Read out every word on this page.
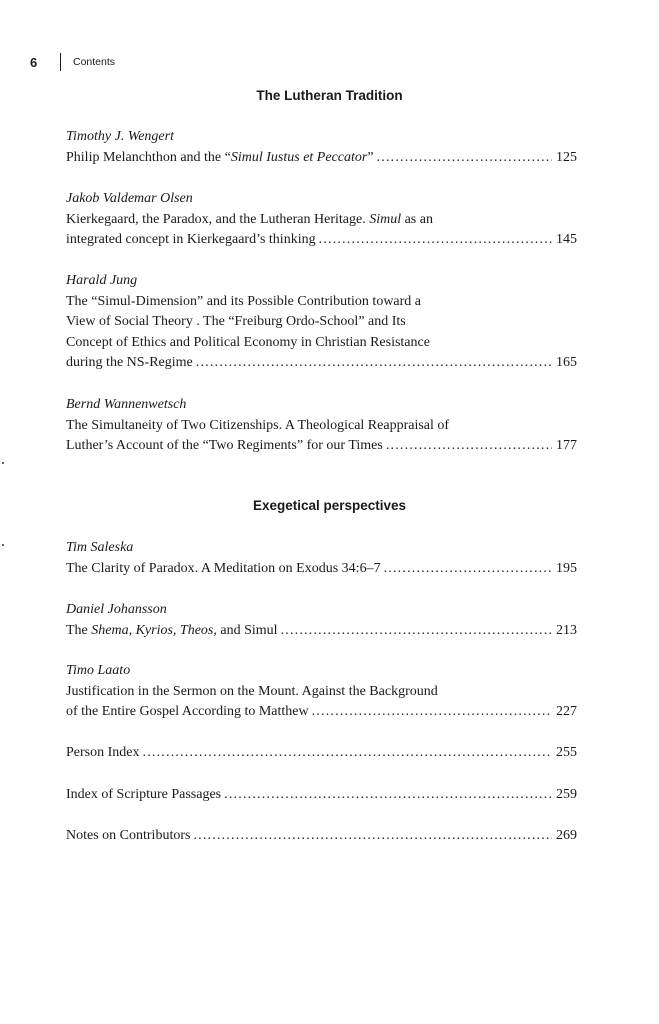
6	Contents
The Lutheran Tradition
Timothy J. Wengert
Philip Melanchthon and the “Simul Iustus et Peccator” .....	125
Jakob Valdemar Olsen
Kierkegaard, the Paradox, and the Lutheran Heritage. Simul as an
integrated concept in Kierkegaard’s thinking .....	145
Harald Jung
The “Simul-Dimension” and its Possible Contribution toward a
View of Social Theory . The “Freiburg Ordo-School” and Its
Concept of Ethics and Political Economy in Christian Resistance
during the NS-Regime .....	165
Bernd Wannenwetsch
The Simultaneity of Two Citizenships. A Theological Reappraisal of
Luther’s Account of the “Two Regiments” for our Times .....	177
Exegetical perspectives
Tim Saleska
The Clarity of Paradox. A Meditation on Exodus 34:6–7 .....	195
Daniel Johansson
The Shema, Kyrios, Theos, and Simul .....	213
Timo Laato
Justification in the Sermon on the Mount. Against the Background
of the Entire Gospel According to Matthew .....	227
Person Index .....	255
Index of Scripture Passages .....	259
Notes on Contributors .....	269
